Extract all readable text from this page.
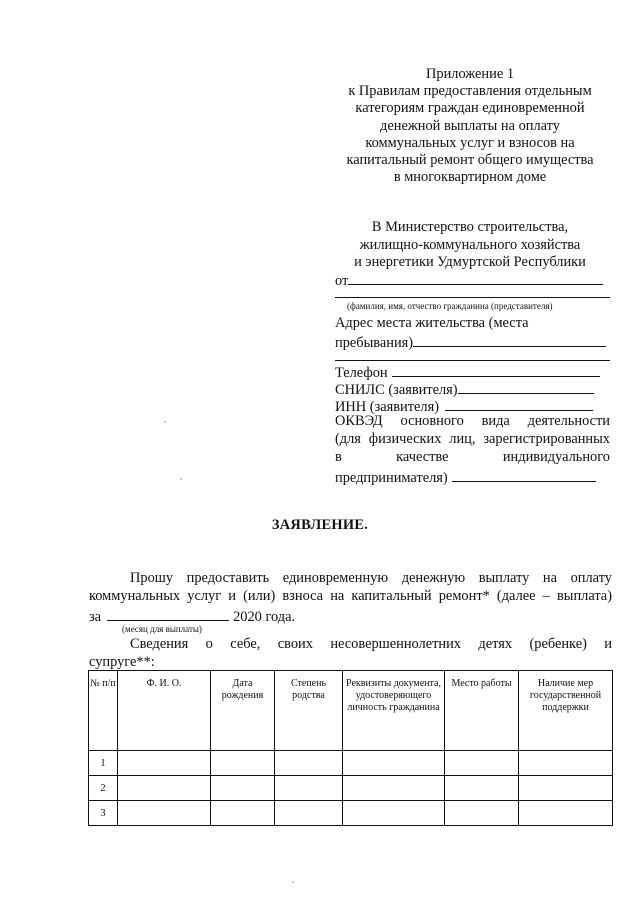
Приложение 1
к Правилам предоставления отдельным
категориям граждан единовременной
денежной выплаты на оплату
коммунальных услуг и взносов на
капитальный ремонт общего имущества
в многоквартирном доме
В Министерство строительства,
жилищно-коммунального хозяйства
и энергетики Удмуртской Республики
от
(фамилия, имя, отчество гражданина (представителя)
Адрес места жительства (места
пребывания)
Телефон
СНИЛС (заявителя)
ИНН (заявителя)
ОКВЭД основного вида деятельности
(для физических лиц, зарегистрированных
в качестве индивидуального
предпринимателя)
ЗАЯВЛЕНИЕ.
Прошу предоставить единовременную денежную выплату на оплату
коммунальных услуг и (или) взноса на капитальный ремонт* (далее – выплата)
за	2020 года.
(месяц для выплаты)
Сведения о себе, своих несовершеннолетних детях (ребенке) и
супруге**:
№ п/п	Ф. И. О.	Дата рождения	Степень родства	Реквизиты документа, удостоверяющего личность гражданина	Место работы	Наличие мер государственной поддержки
1						
2						
3						
